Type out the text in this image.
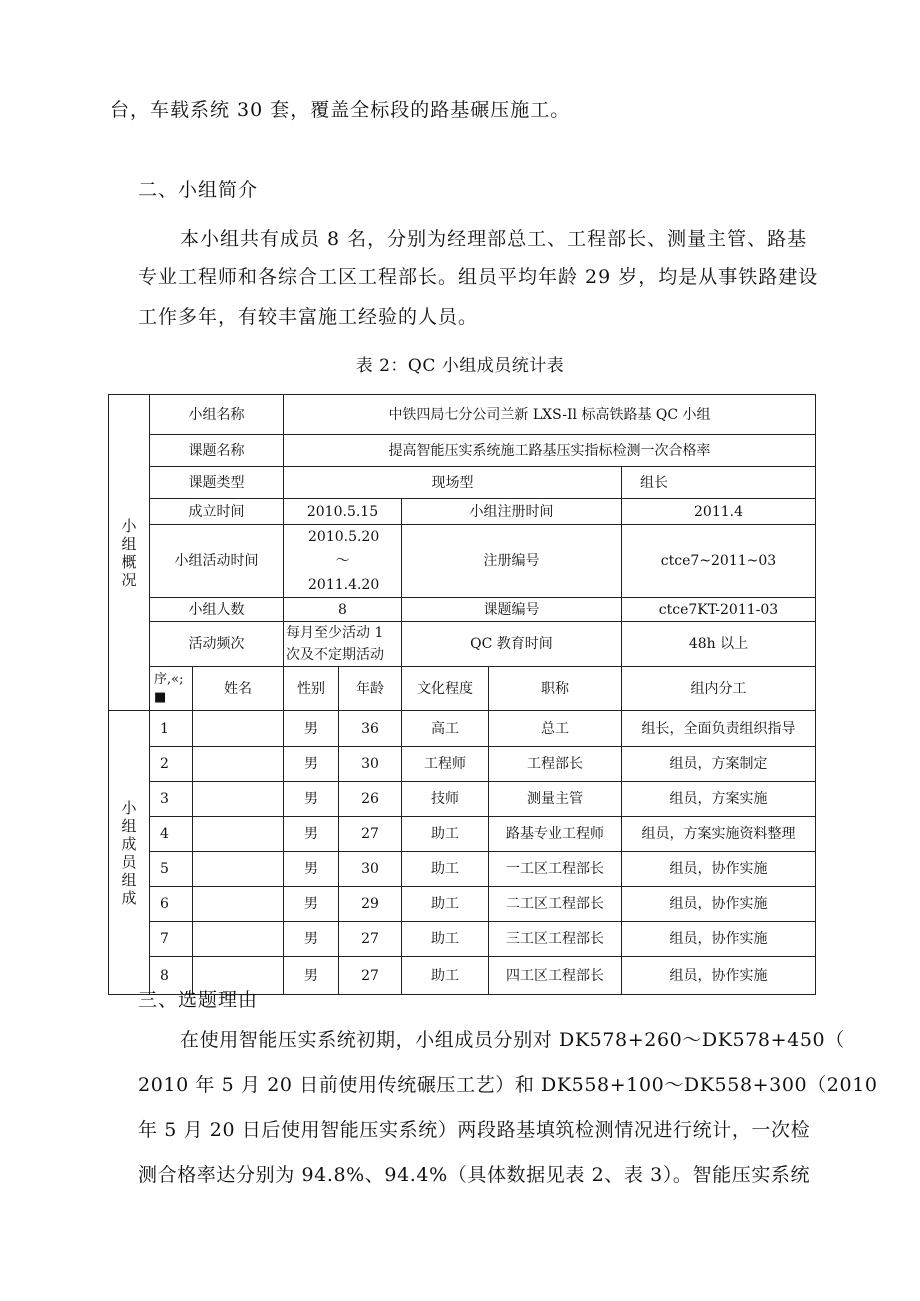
台，车载系统 30 套，覆盖全标段的路基碾压施工。

二、小组简介

本小组共有成员 8 名，分别为经理部总工、工程部长、测量主管、路基

专业工程师和各综合工区工程部长。组员平均年龄 29 岁，均是从事铁路建设

工作多年，有较丰富施工经验的人员。

表 2：QC 小组成员统计表

小组概况	小组名称		中铁四局七分公司兰新 LXS-Il 标高铁路基 QC 小组				
	课题名称		提高智能压实系统施工路基压实指标检测一次合格率				
	课题类型		现场型				组长
	成立时间		2010.5.15		小组注册时间		2011.4
	小组活动时间		2010.5.20～2011.4.20		注册编号		ctce7~2011~03
	小组人数		8		课题编号		ctce7KT-2011-03
	活动频次		每月至少活动 1 次及不定期活动		QC 教育时间		48h 以上
	序,«;■	姓名	性别	年龄	文化程度	职称	组内分工
小组成员组成	1		男	36	高工	总工	组长，全面负责组织指导
	2		男	30	工程师	工程部长	组员，方案制定
	3		男	26	技师	测量主管	组员，方案实施
	4		男	27	助工	路基专业工程师	组员，方案实施资料整理
	5		男	30	助工	一工区工程部长	组员，协作实施
	6		男	29	助工	二工区工程部长	组员，协作实施
	7		男	27	助工	三工区工程部长	组员，协作实施
	8		男	27	助工	四工区工程部长	组员，协作实施

三、选题理由

在使用智能压实系统初期，小组成员分别对 DK578+260～DK578+450（

2010 年 5 月 20 日前使用传统碾压工艺）和 DK558+100～DK558+300（2010

年 5 月 20 日后使用智能压实系统）两段路基填筑检测情况进行统计，一次检

测合格率达分别为 94.8%、94.4%（具体数据见表 2、表 3）。智能压实系统
